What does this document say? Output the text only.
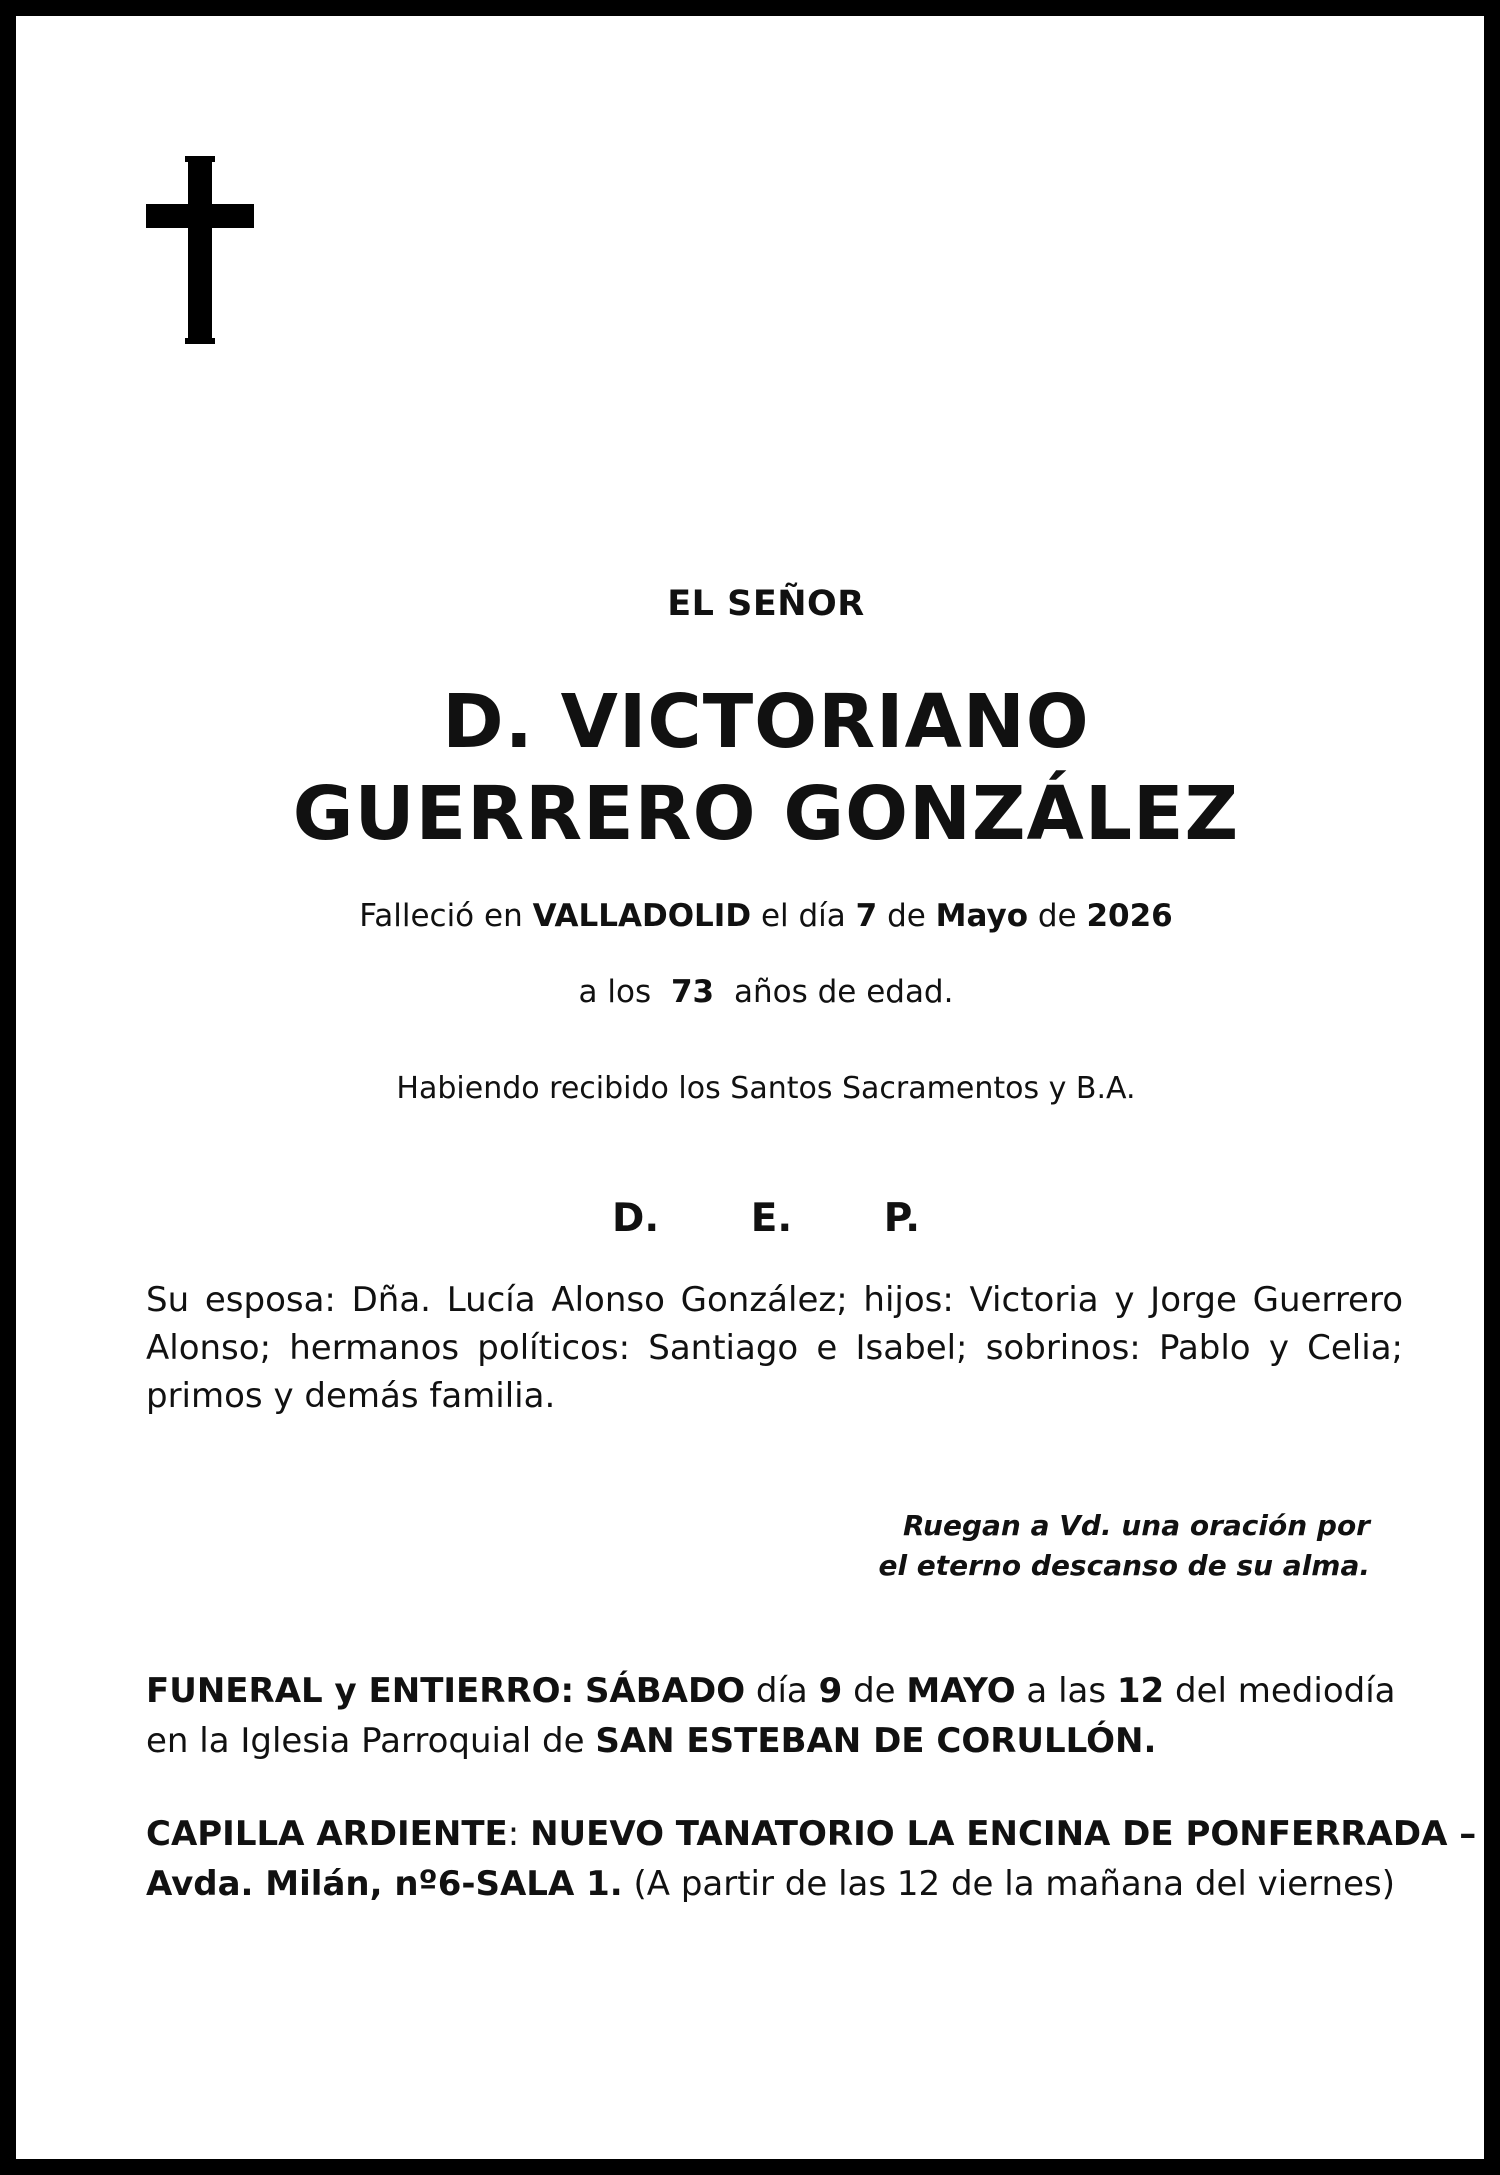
EL SEÑOR
D. VICTORIANO
GUERRERO GONZÁLEZ
Falleció en VALLADOLID el día 7 de Mayo de 2026
a los 73 años de edad.
Habiendo recibido los Santos Sacramentos y B.A.
D. E. P.
Su esposa: Dña. Lucía Alonso González; hijos: Victoria y Jorge Guerrero Alonso; hermanos políticos: Santiago e Isabel; sobrinos: Pablo y Celia; primos y demás familia.
Ruegan a Vd. una oración por
el eterno descanso de su alma.
FUNERAL y ENTIERRO: SÁBADO día 9 de MAYO a las 12 del mediodía
en la Iglesia Parroquial de SAN ESTEBAN DE CORULLÓN.
CAPILLA ARDIENTE: NUEVO TANATORIO LA ENCINA DE PONFERRADA –
Avda. Milán, nº6-SALA 1. (A partir de las 12 de la mañana del viernes)
